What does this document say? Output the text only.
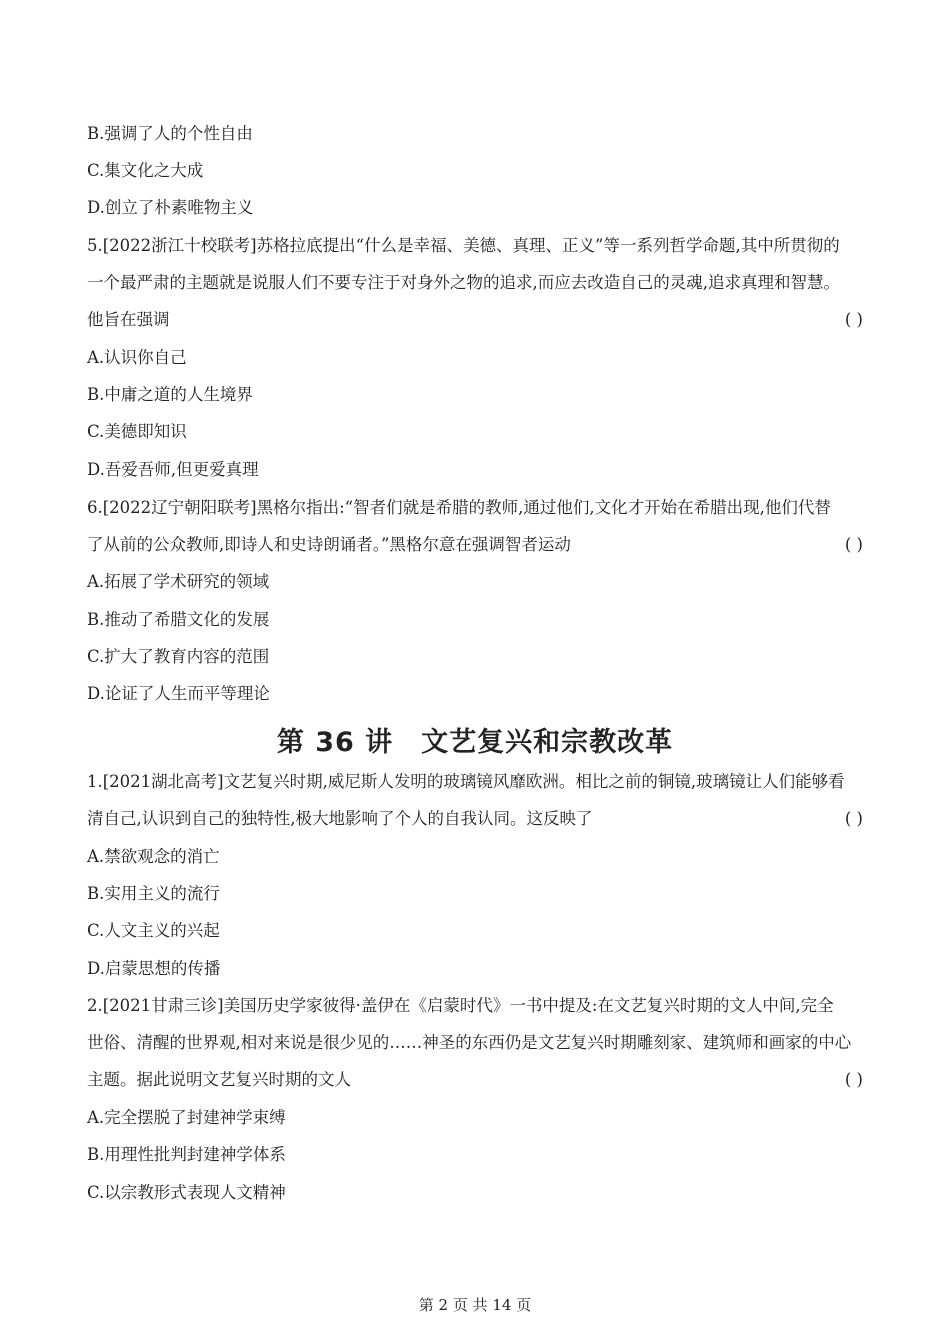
B.强调了人的个性自由
C.集文化之大成
D.创立了朴素唯物主义
5.[2022浙江十校联考]苏格拉底提出“什么是幸福、美德、真理、正义”等一系列哲学命题,其中所贯彻的
一个最严肃的主题就是说服人们不要专注于对身外之物的追求,而应去改造自己的灵魂,追求真理和智慧。
他旨在强调	( )
A.认识你自己
B.中庸之道的人生境界
C.美德即知识
D.吾爱吾师,但更爱真理
6.[2022辽宁朝阳联考]黑格尔指出:“智者们就是希腊的教师,通过他们,文化才开始在希腊出现,他们代替
了从前的公众教师,即诗人和史诗朗诵者。”黑格尔意在强调智者运动	( )
A.拓展了学术研究的领域
B.推动了希腊文化的发展
C.扩大了教育内容的范围
D.论证了人生而平等理论
第 36 讲　文艺复兴和宗教改革
1.[2021湖北高考]文艺复兴时期,威尼斯人发明的玻璃镜风靡欧洲。相比之前的铜镜,玻璃镜让人们能够看
清自己,认识到自己的独特性,极大地影响了个人的自我认同。这反映了	( )
A.禁欲观念的消亡
B.实用主义的流行
C.人文主义的兴起
D.启蒙思想的传播
2.[2021甘肃三诊]美国历史学家彼得·盖伊在《启蒙时代》一书中提及:在文艺复兴时期的文人中间,完全
世俗、清醒的世界观,相对来说是很少见的……神圣的东西仍是文艺复兴时期雕刻家、建筑师和画家的中心
主题。据此说明文艺复兴时期的文人	( )
A.完全摆脱了封建神学束缚
B.用理性批判封建神学体系
C.以宗教形式表现人文精神
第 2 页 共 14 页
